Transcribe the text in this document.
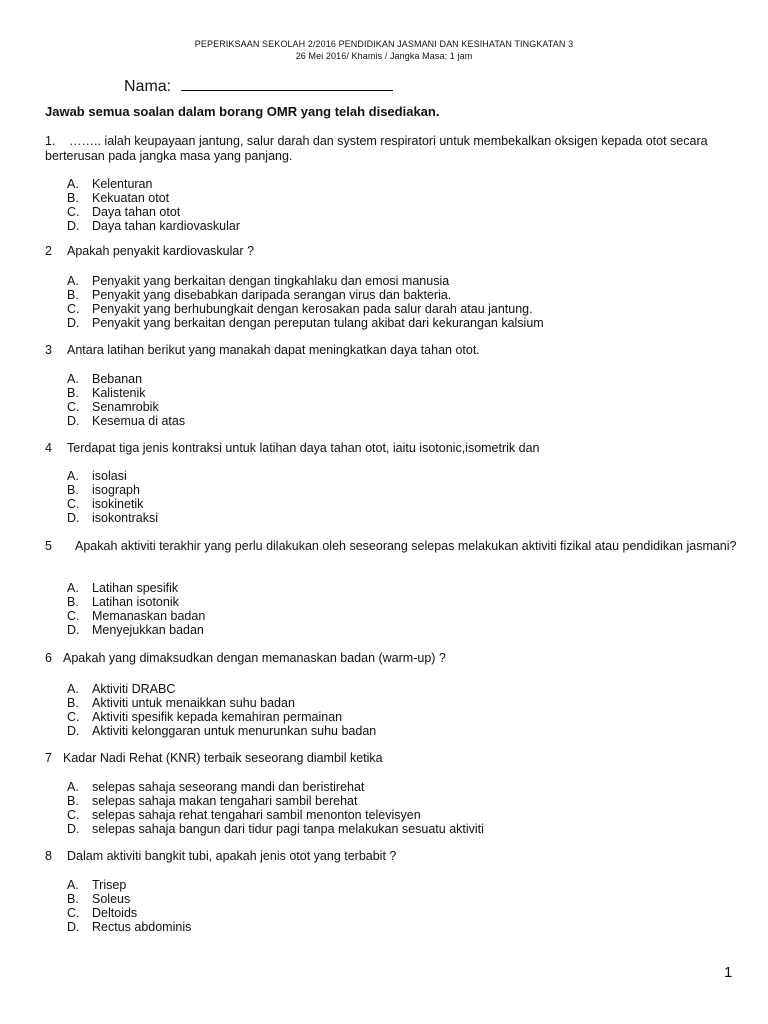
PEPERIKSAAN SEKOLAH 2/2016 PENDIDIKAN JASMANI DAN KESIHATAN TINGKATAN 3
26 Mei 2016/ Khamis / Jangka Masa: 1 jam
Nama:
Jawab semua soalan dalam borang OMR yang telah disediakan.
1. …….. ialah keupayaan jantung, salur darah dan system respiratori untuk membekalkan oksigen kepada otot secara berterusan pada jangka masa yang panjang.
A.	Kelenturan
B.	Kekuatan otot
C.	Daya tahan otot
D.	Daya tahan kardiovaskular
2 Apakah penyakit kardiovaskular ?
A.	Penyakit yang berkaitan dengan tingkahlaku dan emosi manusia
B.	Penyakit yang disebabkan daripada serangan virus dan bakteria.
C.	Penyakit yang berhubungkait dengan kerosakan pada salur darah atau jantung.
D.	Penyakit yang berkaitan dengan pereputan tulang akibat dari kekurangan kalsium
3 Antara latihan berikut yang manakah dapat meningkatkan daya tahan otot.
A.	Bebanan
B.	Kalistenik
C.	Senamrobik
D.	Kesemua di atas
4 Terdapat tiga jenis kontraksi untuk latihan daya tahan otot, iaitu isotonic,isometrik dan
A.	isolasi
B.	isograph
C.	isokinetik
D.	isokontraksi
5 Apakah aktiviti terakhir yang perlu dilakukan oleh seseorang selepas melakukan aktiviti fizikal atau pendidikan jasmani?
A.	Latihan spesifik
B.	Latihan isotonik
C.	Memanaskan badan
D.	Menyejukkan badan
6 Apakah yang dimaksudkan dengan memanaskan badan (warm-up) ?
A.	Aktiviti DRABC
B.	Aktiviti untuk menaikkan suhu badan
C.	Aktiviti spesifik kepada kemahiran permainan
D.	Aktiviti kelonggaran untuk menurunkan suhu badan
7 Kadar Nadi Rehat (KNR) terbaik seseorang diambil ketika
A.	selepas sahaja seseorang mandi dan beristirehat
B.	selepas sahaja makan tengahari sambil berehat
C.	selepas sahaja rehat tengahari sambil menonton televisyen
D.	selepas sahaja bangun dari tidur pagi tanpa melakukan sesuatu aktiviti
8 Dalam aktiviti bangkit tubi, apakah jenis otot yang terbabit ?
A.	Trisep
B.	Soleus
C.	Deltoids
D.	Rectus abdominis
1
